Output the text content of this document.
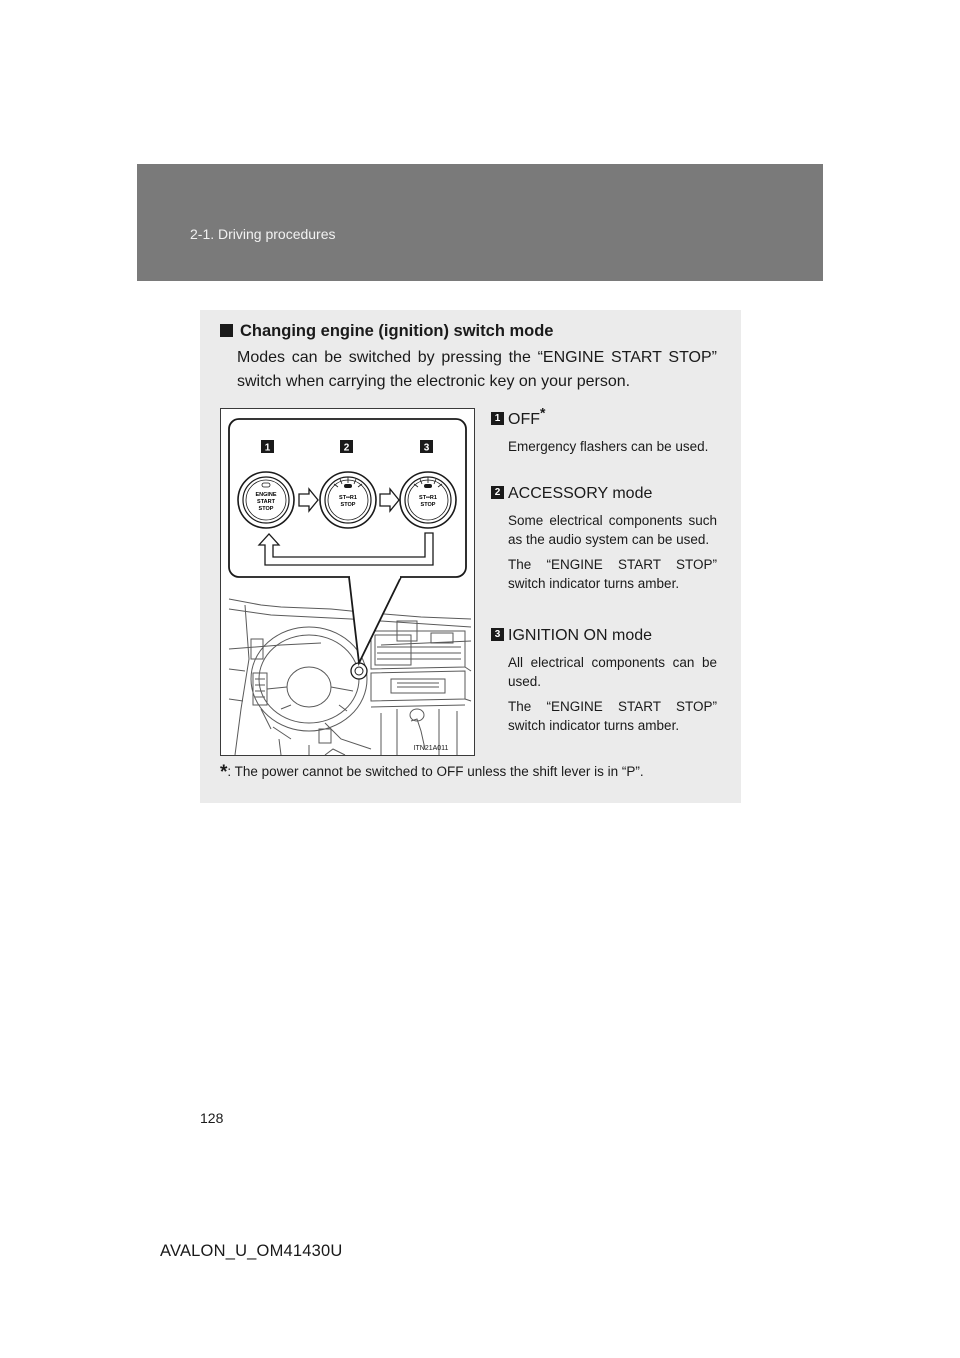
2-1. Driving procedures
Changing engine (ignition) switch mode
Modes can be switched by pressing the “ENGINE START STOP” switch when carrying the electronic key on your person.
1	2	3
ENGINE
START
STOP
ST••R1
STOP
ST••R1
STOP
ITN21A011
1 OFF*
Emergency flashers can be used.
2 ACCESSORY mode
Some electrical components such as the audio system can be used.
The “ENGINE START STOP” switch indicator turns amber.
3 IGNITION ON mode
All electrical components can be used.
The “ENGINE START STOP” switch indicator turns amber.
*: The power cannot be switched to OFF unless the shift lever is in “P”.
128
AVALON_U_OM41430U
